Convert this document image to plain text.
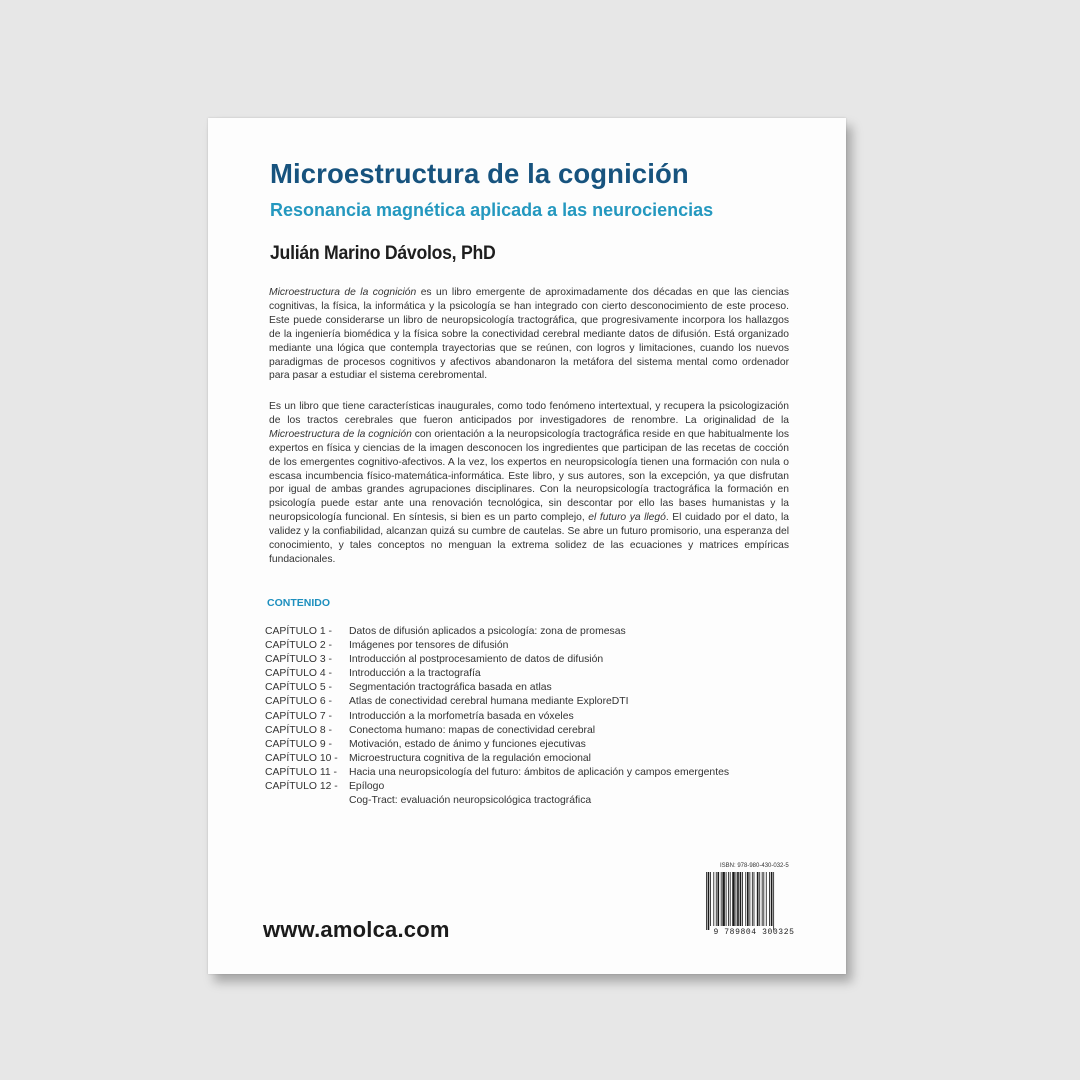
Microestructura de la cognición
Resonancia magnética aplicada a las neurociencias
Julián Marino Dávolos, PhD

Microestructura de la cognición es un libro emergente de aproximadamente dos décadas en que las ciencias cognitivas, la física, la informática y la psicología se han integrado con cierto desconocimiento de este proceso. Este puede considerarse un libro de neuropsicología tractográfica, que progresivamente incorpora los hallazgos de la ingeniería biomédica y la física sobre la conectividad cerebral mediante datos de difusión. Está organizado mediante una lógica que contempla trayectorias que se reúnen, con logros y limitaciones, cuando los nuevos paradigmas de procesos cognitivos y afectivos abandonaron la metáfora del sistema mental como ordenador para pasar a estudiar el sistema cerebromental.

Es un libro que tiene características inaugurales, como todo fenómeno intertextual, y recupera la psicologización de los tractos cerebrales que fueron anticipados por investigadores de renombre. La originalidad de la Microestructura de la cognición con orientación a la neuropsicología tractográfica reside en que habitualmente los expertos en física y ciencias de la imagen desconocen los ingredientes que participan de las recetas de cocción de los emergentes cognitivo-afectivos. A la vez, los expertos en neuropsicología tienen una formación con nula o escasa incumbencia físico-matemática-informática. Este libro, y sus autores, son la excepción, ya que disfrutan por igual de ambas grandes agrupaciones disciplinares. Con la neuropsicología tractográfica la formación en psicología puede estar ante una renovación tecnológica, sin descontar por ello las bases humanistas y la neuropsicología funcional. En síntesis, si bien es un parto complejo, el futuro ya llegó. El cuidado por el dato, la validez y la confiabilidad, alcanzan quizá su cumbre de cautelas. Se abre un futuro promisorio, una esperanza del conocimiento, y tales conceptos no menguan la extrema solidez de las ecuaciones y matrices empíricas fundacionales.

CONTENIDO
CAPÍTULO 1 -	Datos de difusión aplicados a psicología: zona de promesas
CAPÍTULO 2 -	Imágenes por tensores de difusión
CAPÍTULO 3 -	Introducción al postprocesamiento de datos de difusión
CAPÍTULO 4 -	Introducción a la tractografía
CAPÍTULO 5 -	Segmentación tractográfica basada en atlas
CAPÍTULO 6 -	Atlas de conectividad cerebral humana mediante ExploreDTI
CAPÍTULO 7 -	Introducción a la morfometría basada en vóxeles
CAPÍTULO 8 -	Conectoma humano: mapas de conectividad cerebral
CAPÍTULO 9 -	Motivación, estado de ánimo y funciones ejecutivas
CAPÍTULO 10 -	Microestructura cognitiva de la regulación emocional
CAPÍTULO 11 -	Hacia una neuropsicología del futuro: ámbitos de aplicación y campos emergentes
CAPÍTULO 12 -	Epílogo
Cog-Tract: evaluación neuropsicológica tractográfica
www.amolca.com
ISBN: 978-980-430-032-5
9 789804 300325
